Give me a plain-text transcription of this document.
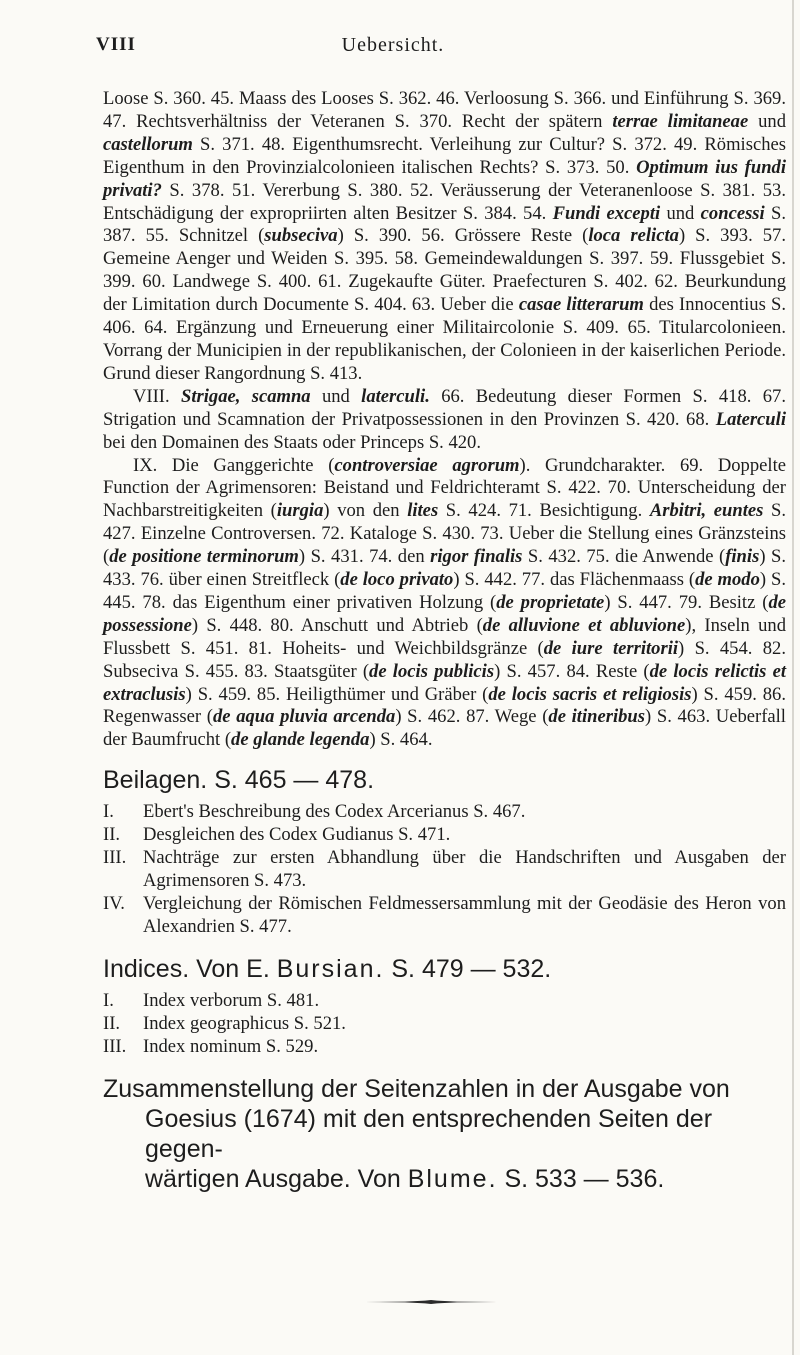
VIII	Uebersicht.

Loose S. 360. 45. Maass des Looses S. 362. 46. Verloosung S. 366. und Einführung S. 369. 47. Rechtsverhältniss der Veteranen S. 370. Recht der spätern terrae limitaneae und castellorum S. 371. 48. Eigenthumsrecht. Verleihung zur Cultur? S. 372. 49. Römisches Eigenthum in den Provinzialcolonieen italischen Rechts? S. 373. 50. Optimum ius fundi privati? S. 378. 51. Vererbung S. 380. 52. Veräusserung der Veteranenloose S. 381. 53. Entschädigung der expropriirten alten Besitzer S. 384. 54. Fundi excepti und concessi S. 387. 55. Schnitzel (subseciva) S. 390. 56. Grössere Reste (loca relicta) S. 393. 57. Gemeine Aenger und Weiden S. 395. 58. Gemeindewaldungen S. 397. 59. Flussgebiet S. 399. 60. Landwege S. 400. 61. Zugekaufte Güter. Praefecturen S. 402. 62. Beurkundung der Limitation durch Documente S. 404. 63. Ueber die casae litterarum des Innocentius S. 406. 64. Ergänzung und Erneuerung einer Militaircolonie S. 409. 65. Titularcolonieen. Vorrang der Municipien in der republikanischen, der Colonieen in der kaiserlichen Periode. Grund dieser Rangordnung S. 413.

VIII. Strigae, scamna und laterculi. 66. Bedeutung dieser Formen S. 418. 67. Strigation und Scamnation der Privatpossessionen in den Provinzen S. 420. 68. Laterculi bei den Domainen des Staats oder Princeps S. 420.

IX. Die Ganggerichte (controversiae agrorum). Grundcharakter. 69. Doppelte Function der Agrimensoren: Beistand und Feldrichteramt S. 422. 70. Unterscheidung der Nachbarstreitigkeiten (iurgia) von den lites S. 424. 71. Besichtigung. Arbitri, euntes S. 427. Einzelne Controversen. 72. Kataloge S. 430. 73. Ueber die Stellung eines Gränzsteins (de positione terminorum) S. 431. 74. den rigor finalis S. 432. 75. die Anwende (finis) S. 433. 76. über einen Streitfleck (de loco privato) S. 442. 77. das Flächenmaass (de modo) S. 445. 78. das Eigenthum einer privativen Holzung (de proprietate) S. 447. 79. Besitz (de possessione) S. 448. 80. Anschutt und Abtrieb (de alluvione et abluvione), Inseln und Flussbett S. 451. 81. Hoheits- und Weichbildsgränze (de iure territorii) S. 454. 82. Subseciva S. 455. 83. Staatsgüter (de locis publicis) S. 457. 84. Reste (de locis relictis et extraclusis) S. 459. 85. Heiligthümer und Gräber (de locis sacris et religiosis) S. 459. 86. Regenwasser (de aqua pluvia arcenda) S. 462. 87. Wege (de itineribus) S. 463. Ueberfall der Baumfrucht (de glande legenda) S. 464.

Beilagen. S. 465 — 478.
I. Ebert's Beschreibung des Codex Arcerianus S. 467.
II. Desgleichen des Codex Gudianus S. 471.
III. Nachträge zur ersten Abhandlung über die Handschriften und Ausgaben der Agrimensoren S. 473.
IV. Vergleichung der Römischen Feldmessersammlung mit der Geodäsie des Heron von Alexandrien S. 477.
Indices. Von E. Bursian. S. 479 — 532.
I. Index verborum S. 481.
II. Index geographicus S. 521.
III. Index nominum S. 529.
Zusammenstellung der Seitenzahlen in der Ausgabe von

Goesius (1674) mit den entsprechenden Seiten der gegen-
wärtigen Ausgabe. Von Blume. S. 533 — 536.
